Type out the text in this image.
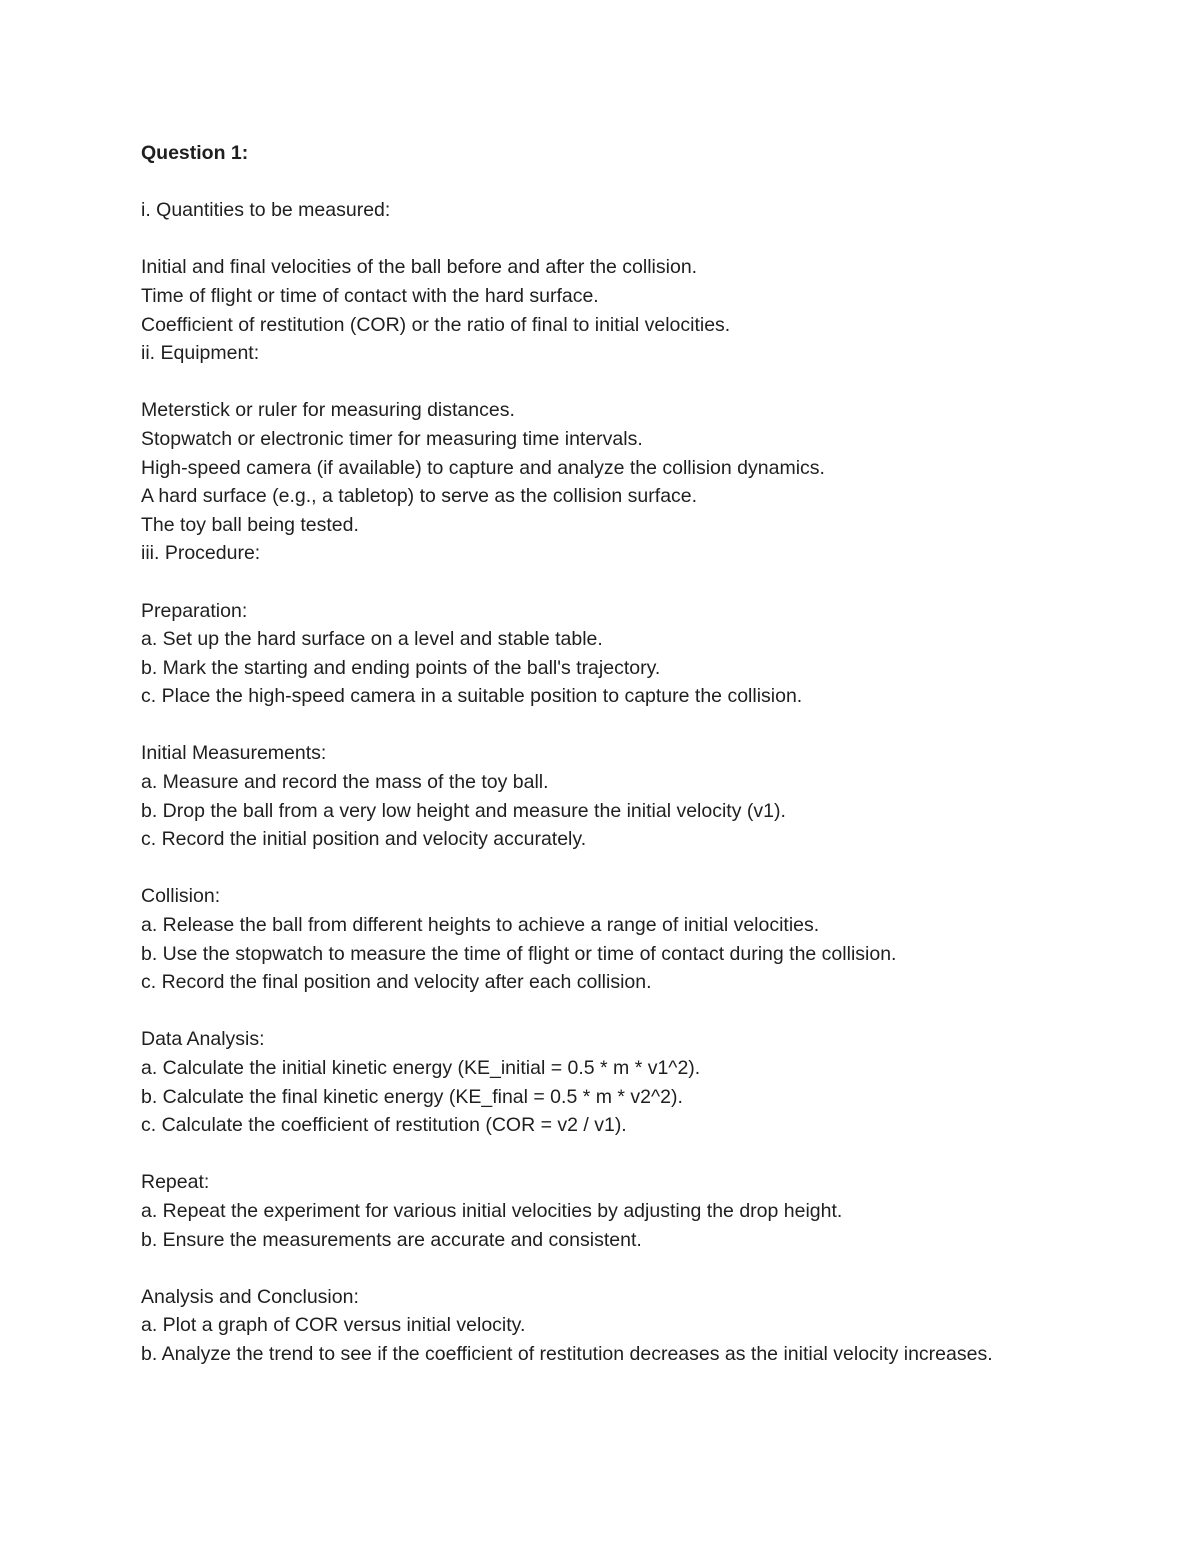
Question 1:
i. Quantities to be measured:
Initial and final velocities of the ball before and after the collision.
Time of flight or time of contact with the hard surface.
Coefficient of restitution (COR) or the ratio of final to initial velocities.
ii. Equipment:
Meterstick or ruler for measuring distances.
Stopwatch or electronic timer for measuring time intervals.
High-speed camera (if available) to capture and analyze the collision dynamics.
A hard surface (e.g., a tabletop) to serve as the collision surface.
The toy ball being tested.
iii. Procedure:
Preparation:
a. Set up the hard surface on a level and stable table.
b. Mark the starting and ending points of the ball's trajectory.
c. Place the high-speed camera in a suitable position to capture the collision.
Initial Measurements:
a. Measure and record the mass of the toy ball.
b. Drop the ball from a very low height and measure the initial velocity (v1).
c. Record the initial position and velocity accurately.
Collision:
a. Release the ball from different heights to achieve a range of initial velocities.
b. Use the stopwatch to measure the time of flight or time of contact during the collision.
c. Record the final position and velocity after each collision.
Data Analysis:
a. Calculate the initial kinetic energy (KE_initial = 0.5 * m * v1^2).
b. Calculate the final kinetic energy (KE_final = 0.5 * m * v2^2).
c. Calculate the coefficient of restitution (COR = v2 / v1).
Repeat:
a. Repeat the experiment for various initial velocities by adjusting the drop height.
b. Ensure the measurements are accurate and consistent.
Analysis and Conclusion:
a. Plot a graph of COR versus initial velocity.
b. Analyze the trend to see if the coefficient of restitution decreases as the initial velocity increases.
